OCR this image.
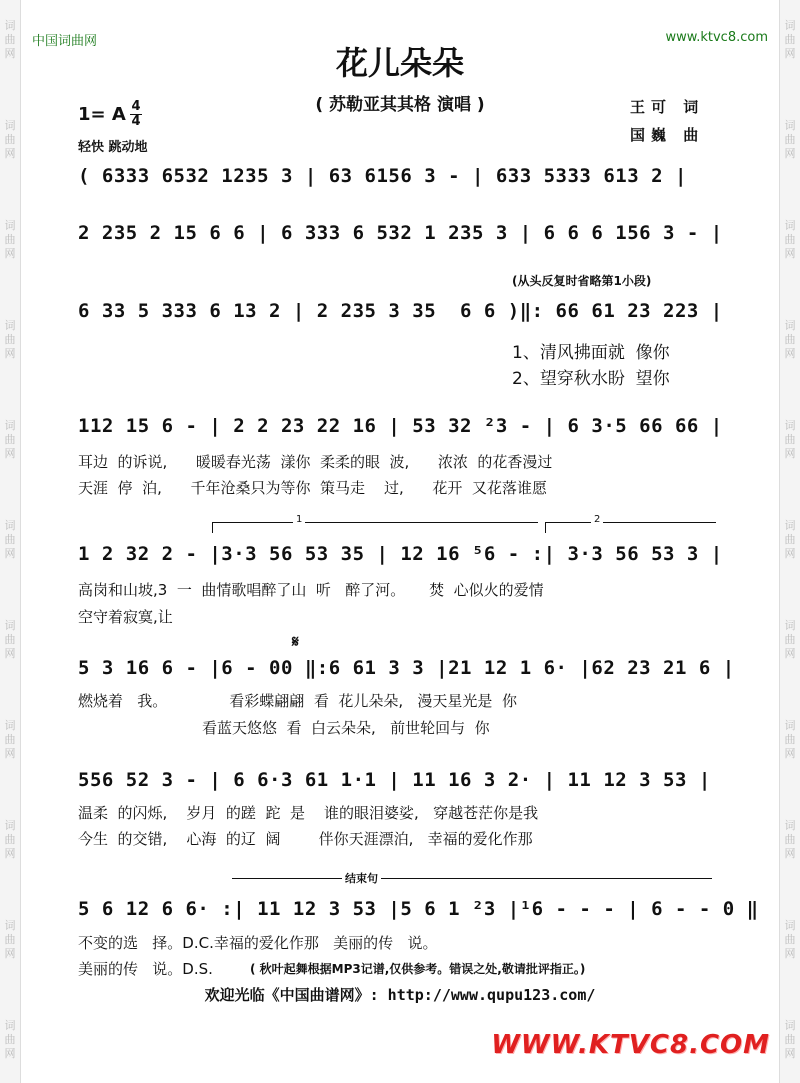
词
曲
网
词
曲
网
词
曲
网
词
曲
网
词
曲
网
词
曲
网
词
曲
网
词
曲
网
词
曲
网
词
曲
网
词
曲
网
词
曲
网
词
曲
网
词
曲
网
词
曲
网
词
曲
网
词
曲
网
词
曲
网
词
曲
网
词
曲
网
词
曲
网
词
曲
网
中国词曲网	www.ktvc8.com
花儿朵朵
( 苏勒亚其其格 演唱 )
1= A $\frac{4}{4}$
轻快 跳动地
王可 词
国巍 曲
( 6333 6532 1235 3 | 63 6156 3 - | 633 5333 613 2 |
2 235 2 15 6 6 | 6 333 6 532 1 235 3 | 6 6 6 156 3 - |
(从头反复时省略第1小段)
6 33 5 333 6 13 2 | 2 235 3 35  6 6 )‖: 66 61 23 223 |
1、清风拂面就  像你
2、望穿秋水盼  望你
112 15 6 - | 2 2 23 22 16 | 53 32 ²3 - | 6 3·5 66 66 |
耳边  的诉说,      暖暖春光荡  漾你  柔柔的眼  波,      浓浓  的花香漫过
天涯  停  泊,      千年沧桑只为等你  策马走    过,      花开  又花落谁愿
1	2
1 2 32 2 - |3·3 56 53 35 | 12 16 ⁵6 - :| 3·3 56 53 3 |
高岗和山坡,3  一  曲情歌唱醉了山  听   醉了河。     焚  心似火的爱情
空守着寂寞,让
𝄋
5 3 16 6 - |6 - 00 ‖:6 61 3 3 |21 12 1 6· |62 23 21 6 |
燃烧着   我。             看彩蝶翩翩  看  花儿朵朵,   漫天星光是  你
看蓝天悠悠  看  白云朵朵,   前世轮回与  你
556 52 3 - | 6 6·3 61 1·1 | 11 16 3 2· | 11 12 3 53 |
温柔  的闪烁,    岁月  的蹉  跎  是    谁的眼泪婆娑,   穿越苍茫你是我
今生  的交错,    心海  的辽  阔        伴你天涯漂泊,   幸福的爱化作那
结束句
5 6 12 6 6· :| 11 12 3 53 |5 6 1 ²3 |¹6 - - - | 6 - - 0 ‖
不变的选   择。D.C.幸福的爱化作那   美丽的传   说。
美丽的传   说。D.S.	( 秋叶起舞根据MP3记谱,仅供参考。错误之处,敬请批评指正。)
欢迎光临《中国曲谱网》: http://www.qupu123.com/
WWW.KTVC8.COM
